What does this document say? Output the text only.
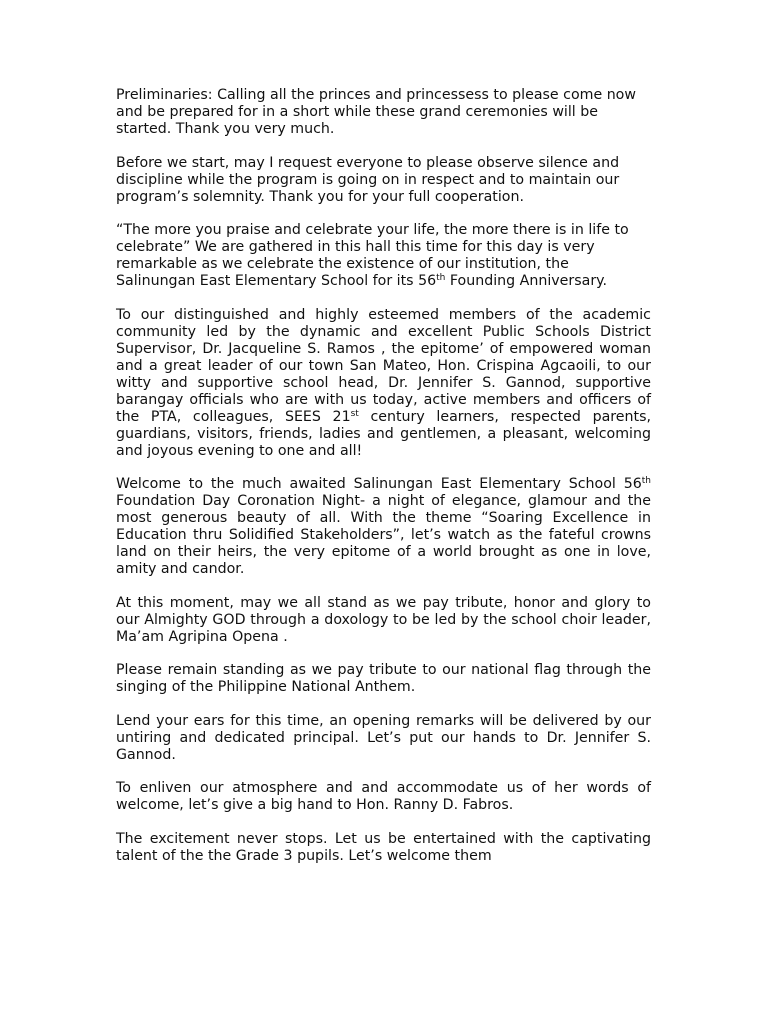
Preliminaries: Calling all the princes and princessess to please come now and be prepared for in a short while these grand ceremonies will be started. Thank you very much.

Before we start, may I request everyone to please observe silence and discipline while the program is going on in respect and to maintain our program’s solemnity. Thank you for your full cooperation.

“The more you praise and celebrate your life, the more there is in life to celebrate” We are gathered in this hall this time for this day is very remarkable as we celebrate the existence of our institution, the Salinungan East Elementary School for its 56th Founding Anniversary.

To our distinguished and highly esteemed members of the academic community led by the dynamic and excellent Public Schools District Supervisor, Dr. Jacqueline S. Ramos , the epitome’ of empowered woman and a great leader of our town San Mateo, Hon. Crispina Agcaoili, to our witty and supportive school head, Dr. Jennifer S. Gannod, supportive barangay officials who are with us today, active members and officers of the PTA, colleagues, SEES 21st century learners, respected parents, guardians, visitors, friends, ladies and gentlemen, a pleasant, welcoming and joyous evening to one and all!

Welcome to the much awaited Salinungan East Elementary School 56th Foundation Day Coronation Night- a night of elegance, glamour and the most generous beauty of all. With the theme “Soaring Excellence in Education thru Solidified Stakeholders”, let’s watch as the fateful crowns land on their heirs, the very epitome of a world brought as one in love, amity and candor.

At this moment, may we all stand as we pay tribute, honor and glory to our Almighty GOD through a doxology to be led by the school choir leader, Ma’am Agripina Opena .

Please remain standing as we pay tribute to our national flag through the singing of the Philippine National Anthem.

Lend your ears for this time, an opening remarks will be delivered by our untiring and dedicated principal. Let’s put our hands to Dr. Jennifer S. Gannod.

To enliven our atmosphere and and accommodate us of her words of welcome, let’s give a big hand to Hon. Ranny D. Fabros.

The excitement never stops. Let us be entertained with the captivating talent of the the Grade 3 pupils. Let’s welcome them
